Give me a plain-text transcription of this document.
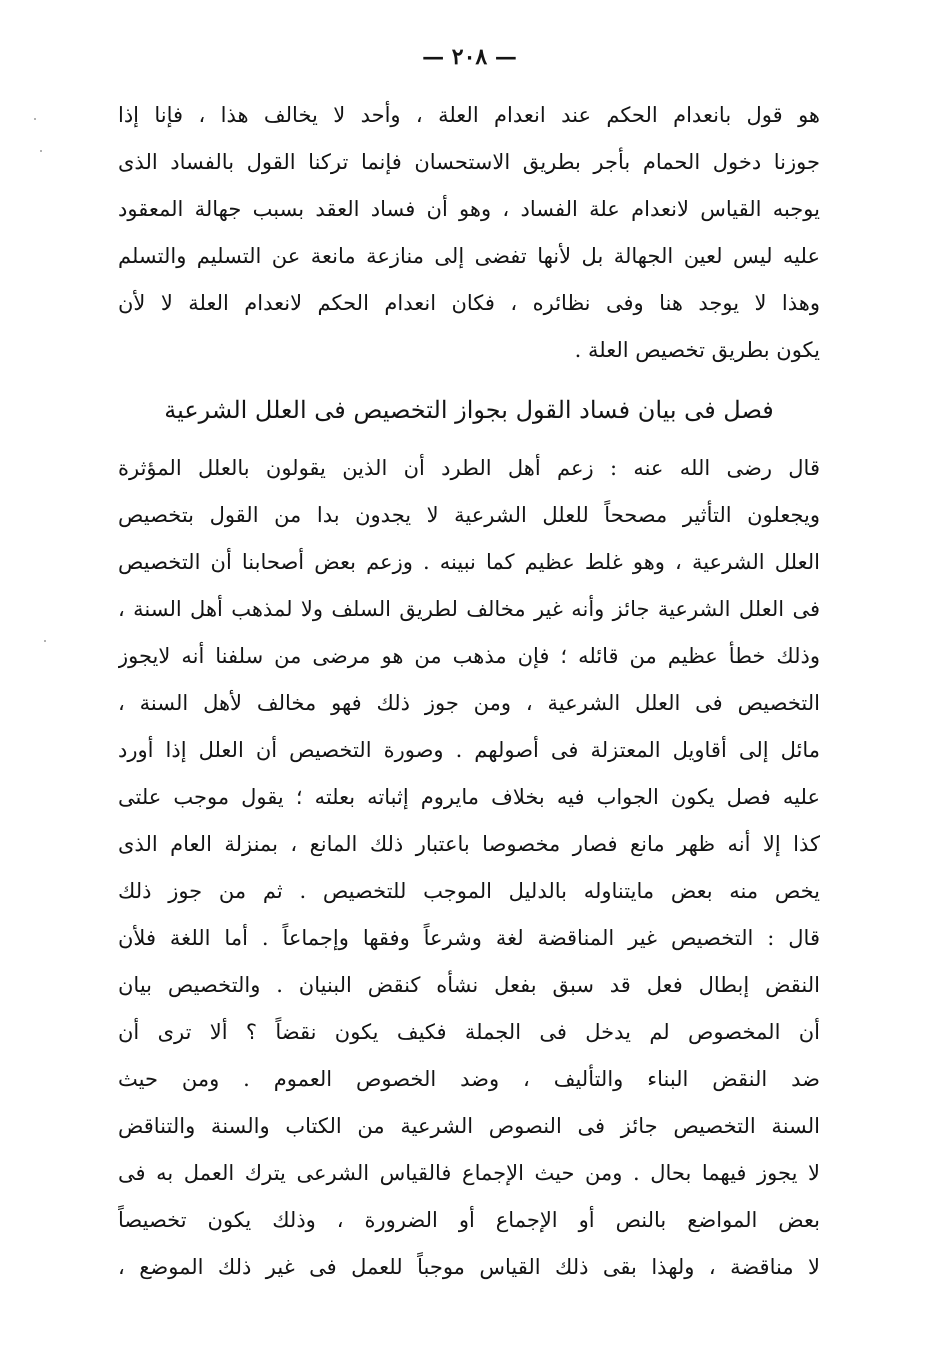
— ٢٠٨ —
هو قول بانعدام الحكم عند انعدام العلة ، وأحد لا يخالف هذا ، فإنا إذا
جوزنا دخول الحمام بأجر بطريق الاستحسان فإنما تركنا القول بالفساد الذى
يوجبه القياس لانعدام علة الفساد ، وهو أن فساد العقد بسبب جهالة المعقود
عليه ليس لعين الجهالة بل لأنها تفضى إلى منازعة مانعة عن التسليم والتسلم
وهذا لا يوجد هنا وفى نظائره ، فكان انعدام الحكم لانعدام العلة لا لأن
يكون بطريق تخصيص العلة .
فصل فى بيان فساد القول بجواز التخصيص فى العلل الشرعية
قال رضى الله عنه : زعم أهل الطرد أن الذين يقولون بالعلل المؤثرة
ويجعلون التأثير مصححاً للعلل الشرعية لا يجدون بدا من القول بتخصيص
العلل الشرعية ، وهو غلط عظيم كما نبينه . وزعم بعض أصحابنا أن التخصيص
فى العلل الشرعية جائز وأنه غير مخالف لطريق السلف ولا لمذهب أهل السنة ،
وذلك خطأ عظيم من قائله ؛ فإن مذهب من هو مرضى من سلفنا أنه لايجوز
التخصيص فى العلل الشرعية ، ومن جوز ذلك فهو مخالف لأهل السنة ،
مائل إلى أقاويل المعتزلة فى أصولهم . وصورة التخصيص أن العلل إذا أورد
عليه فصل يكون الجواب فيه بخلاف مايروم إثباته بعلته ؛ يقول موجب علتى
كذا إلا أنه ظهر مانع فصار مخصوصا باعتبار ذلك المانع ، بمنزلة العام الذى
يخص منه بعض مايتناوله بالدليل الموجب للتخصيص . ثم من جوز ذلك
قال : التخصيص غير المناقضة لغة وشرعاً وفقها وإجماعاً . أما اللغة فلأن
النقض إبطال فعل قد سبق بفعل نشأه كنقض البنيان . والتخصيص بيان
أن المخصوص لم يدخل فى الجملة فكيف يكون نقضاً ؟ ألا ترى أن
ضد النقض البناء والتأليف ، وضد الخصوص العموم . ومن حيث
السنة التخصيص جائز فى النصوص الشرعية من الكتاب والسنة والتناقض
لا يجوز فيهما بحال . ومن حيث الإجماع فالقياس الشرعى يترك العمل به فى
بعض المواضع بالنص أو الإجماع أو الضرورة ، وذلك يكون تخصيصاً
لا مناقضة ، ولهذا بقى ذلك القياس موجباً للعمل فى غير ذلك الموضع ،
